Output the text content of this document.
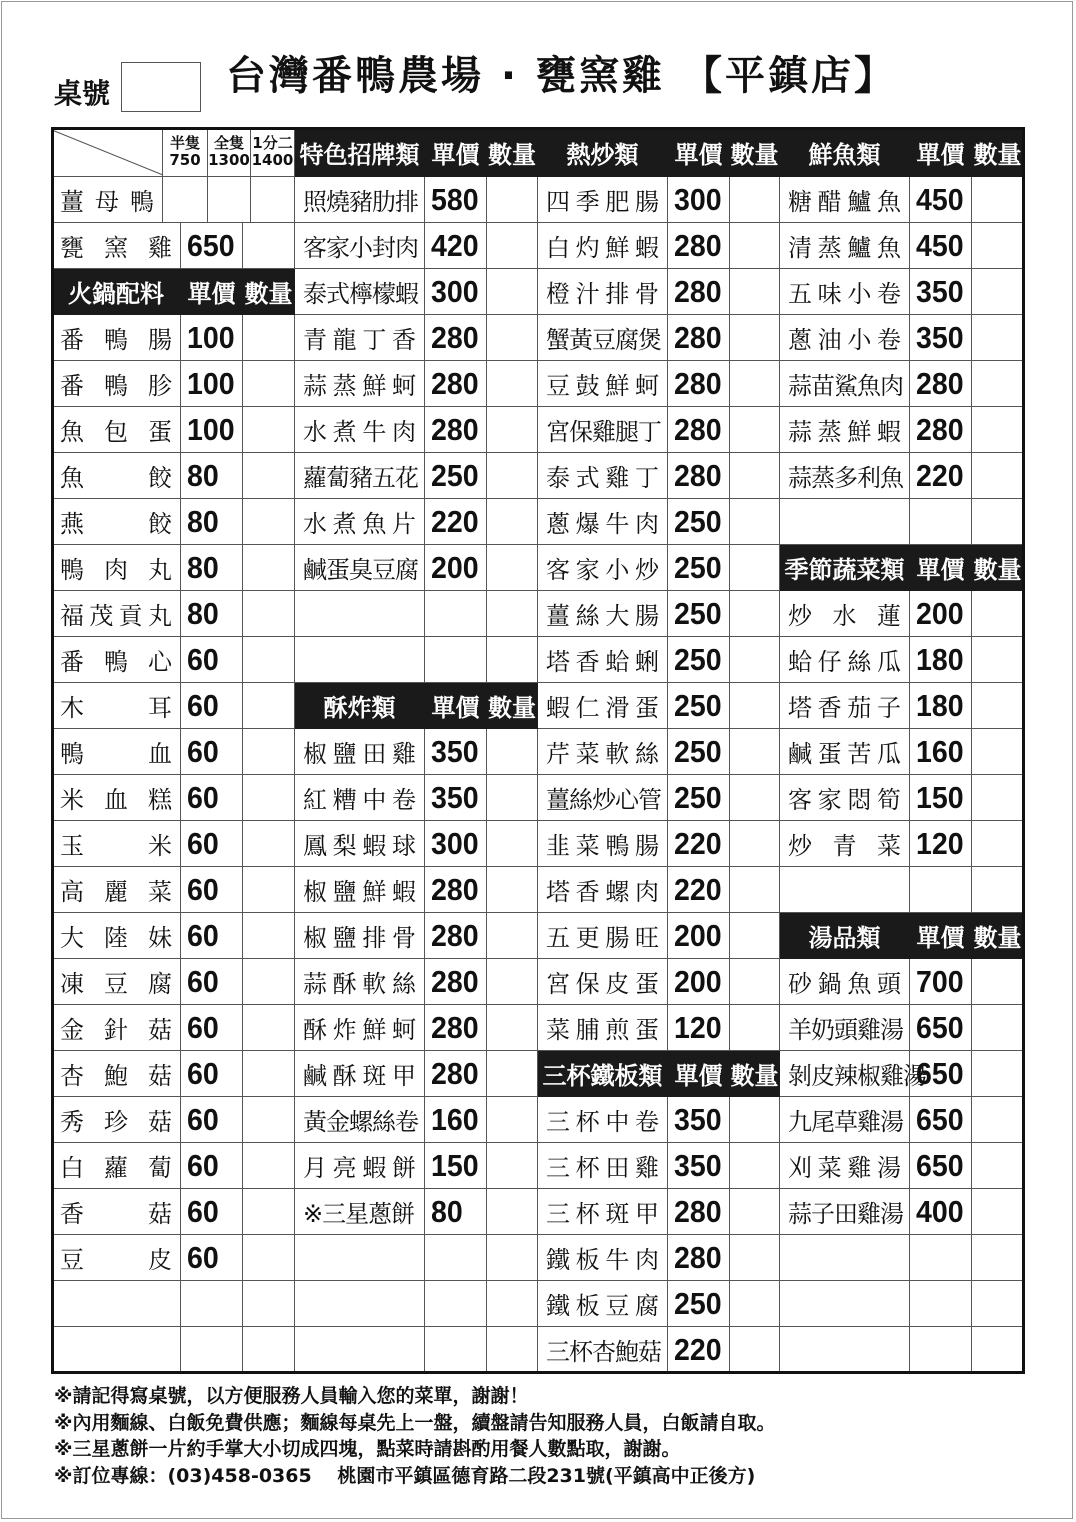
桌號	台灣番鴨農場 · 甕窯雞 【平鎮店】
半隻
750
全隻
1300
1分二
1400 特色招牌類 單價 數量 熱炒類 單價 數量 鮮魚類 單價 數量
薑母鴨
甕窯雞 650
火鍋配料 單價 數量
番鴨腸 100
番鴨胗 100
魚包蛋 100
魚餃 80
燕餃 80
鴨肉丸 80
福茂貢丸 80
番鴨心 60
木耳 60
鴨血 60
米血糕 60
玉米 60
高麗菜 60
大陸妹 60
凍豆腐 60
金針菇 60
杏鮑菇 60
秀珍菇 60
白蘿蔔 60
香菇 60
豆皮 60
照燒豬肋排 580
客家小封肉 420
泰式檸檬蝦 300
青龍丁香 280
蒜蒸鮮蚵 280
水煮牛肉 280
蘿蔔豬五花 250
水煮魚片 220
鹹蛋臭豆腐 200
酥炸類 單價 數量
椒鹽田雞 350
紅糟中卷 350
鳳梨蝦球 300
椒鹽鮮蝦 280
椒鹽排骨 280
蒜酥軟絲 280
酥炸鮮蚵 280
鹹酥斑甲 280
黃金螺絲卷 160
月亮蝦餅 150
※三星蔥餅 80
四季肥腸 300
白灼鮮蝦 280
橙汁排骨 280
蟹黃豆腐煲 280
豆鼓鮮蚵 280
宮保雞腿丁 280
泰式雞丁 280
蔥爆牛肉 250
客家小炒 250
薑絲大腸 250
塔香蛤蜊 250
蝦仁滑蛋 250
芹菜軟絲 250
薑絲炒心管 250
韭菜鴨腸 220
塔香螺肉 220
五更腸旺 200
宮保皮蛋 200
菜脯煎蛋 120
三杯鐵板類 單價 數量
三杯中卷 350
三杯田雞 350
三杯斑甲 280
鐵板牛肉 280
鐵板豆腐 250
三杯杏鮑菇 220
糖醋鱸魚 450
清蒸鱸魚 450
五味小卷 350
蔥油小卷 350
蒜苗鯊魚肉 280
蒜蒸鮮蝦 280
蒜蒸多利魚 220
季節蔬菜類 單價 數量
炒水蓮 200
蛤仔絲瓜 180
塔香茄子 180
鹹蛋苦瓜 160
客家悶筍 150
炒青菜 120
湯品類 單價 數量
砂鍋魚頭 700
羊奶頭雞湯 650
剝皮辣椒雞湯
650
九尾草雞湯 650
刈菜雞湯 650
蒜子田雞湯 400
※請記得寫桌號，以方便服務人員輸入您的菜單，謝謝！
※內用麵線、白飯免費供應；麵線每桌先上一盤，續盤請告知服務人員，白飯請自取。
※三星蔥餅一片約手掌大小切成四塊，點菜時請斟酌用餐人數點取，謝謝。
※訂位專線：(03)458-0365　 桃園市平鎮區德育路二段231號(平鎮高中正後方)
